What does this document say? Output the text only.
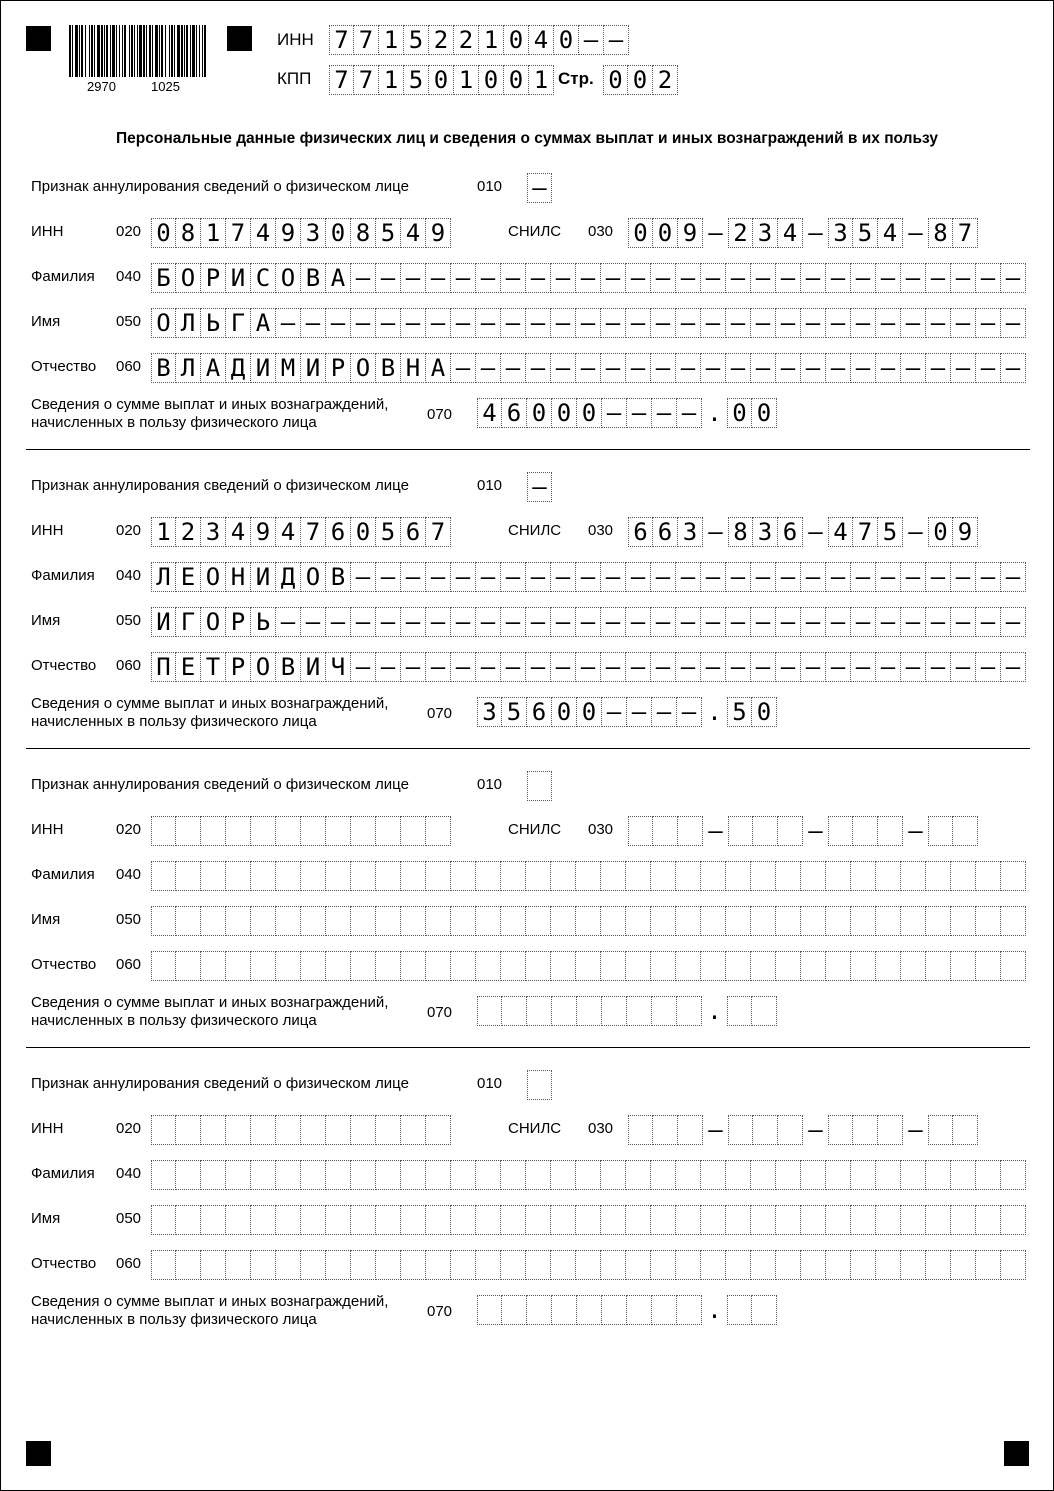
2970	1025
ИНН 7 7 1 5 2 2 1 0 4 0 – –
КПП 7 7 1 5 0 1 0 0 1 Стр. 0 0 2
Персональные данные физических лиц и сведения о суммах выплат и иных вознаграждений в их пользу
Признак аннулирования сведений о физическом лице	010 –
ИНН	020 0 8 1 7 4 9 3 0 8 5 4 9	СНИЛС 030 0 0 9 – 2 3 4 – 3 5 4 – 8 7
Фамилия 040 Б О Р И С О В А – – – – – – – – – – – – – – – – – – – – – – – – – – –
Имя	050 О Л Ь Г А – – – – – – – – – – – – – – – – – – – – – – – – – – – – – –
Отчество 060 В Л А Д И М И Р О В Н А – – – – – – – – – – – – – – – – – – – – – – –
Сведения о сумме выплат и иных вознаграждений,
начисленных в пользу физического лица	070 4 6 0 0 0 – – – – . 0 0
Признак аннулирования сведений о физическом лице	010 –
ИНН	020 1 2 3 4 9 4 7 6 0 5 6 7	СНИЛС 030 6 6 3 – 8 3 6 – 4 7 5 – 0 9
Фамилия 040 Л Е О Н И Д О В – – – – – – – – – – – – – – – – – – – – – – – – – – –
Имя	050 И Г О Р Ь – – – – – – – – – – – – – – – – – – – – – – – – – – – – – –
Отчество 060 П Е Т Р О В И Ч – – – – – – – – – – – – – – – – – – – – – – – – – – –
Сведения о сумме выплат и иных вознаграждений,
начисленных в пользу физического лица	070 3 5 6 0 0 – – – – . 5 0
Признак аннулирования сведений о физическом лице	010
ИНН	020	СНИЛС 030	–	–	–
Фамилия 040
Имя	050
Отчество 060
Сведения о сумме выплат и иных вознаграждений,
начисленных в пользу физического лица	070	.
Признак аннулирования сведений о физическом лице	010
ИНН	020	СНИЛС 030	–	–	–
Фамилия 040
Имя	050
Отчество 060
Сведения о сумме выплат и иных вознаграждений,
начисленных в пользу физического лица	070	.
